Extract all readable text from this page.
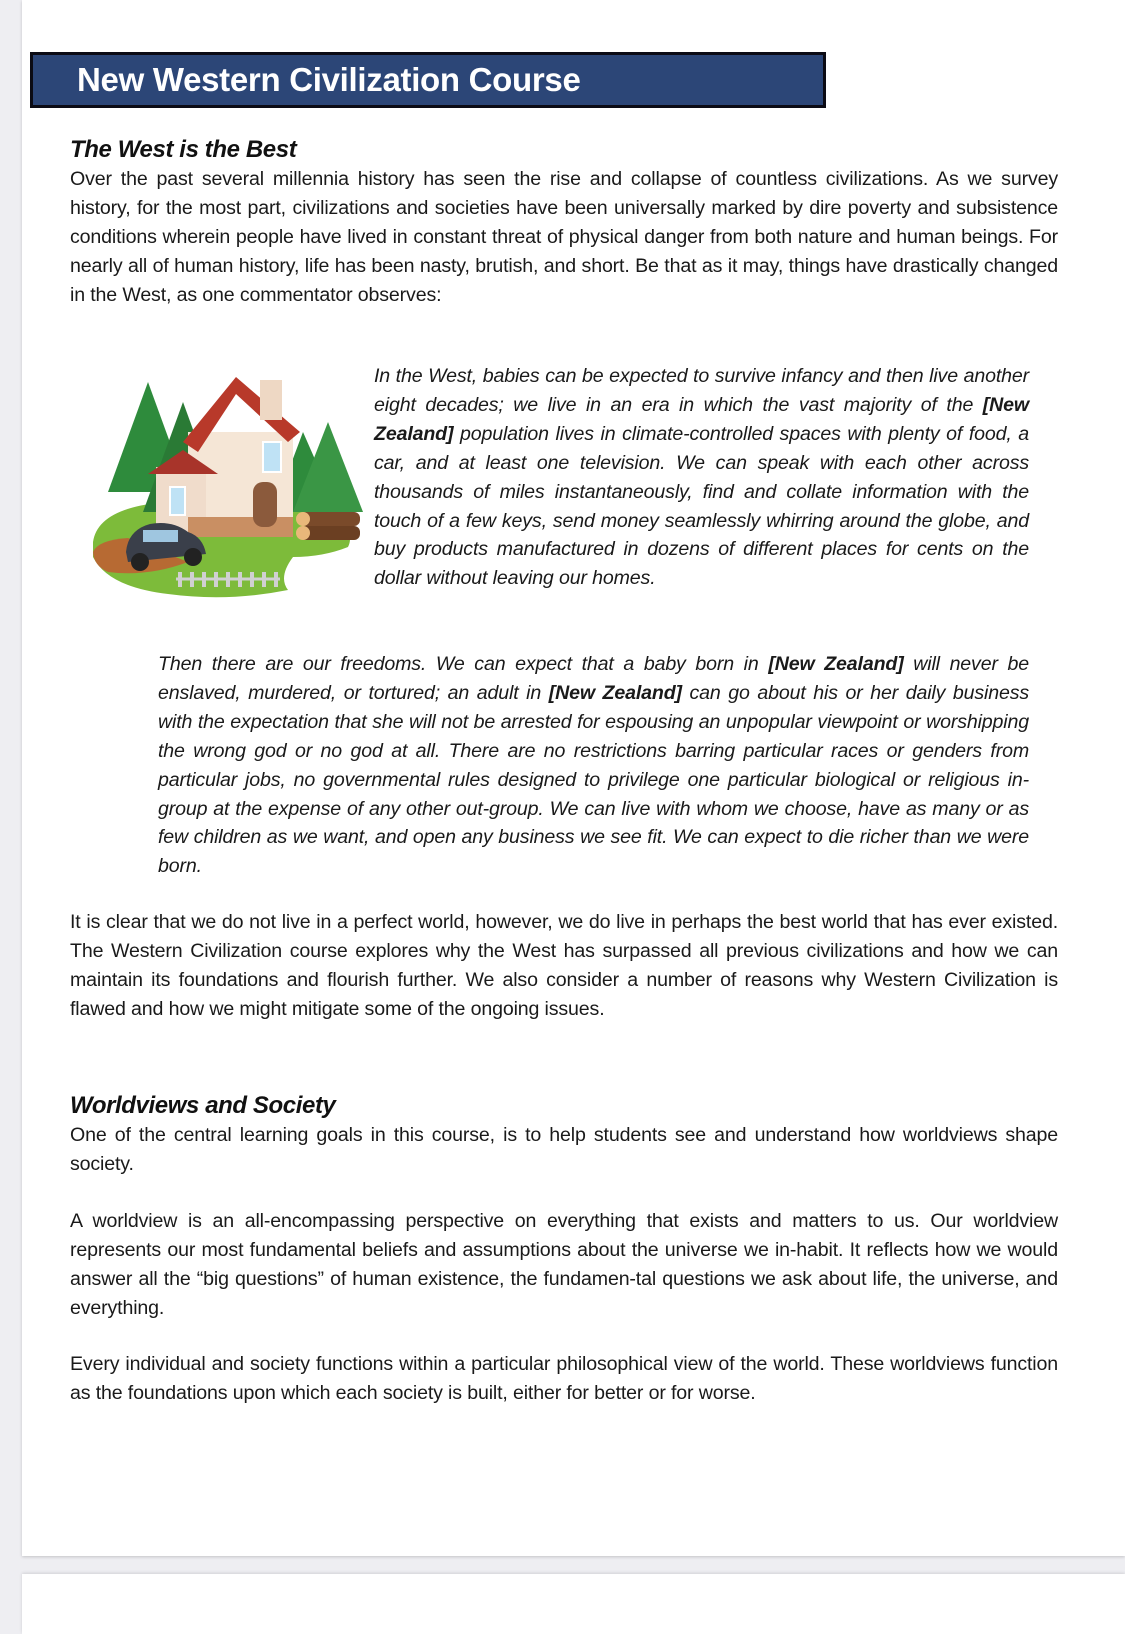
New Western Civilization Course
The West is the Best

Over the past several millennia history has seen the rise and collapse of countless civilizations. As we survey history, for the most part, civilizations and societies have been universally marked by dire poverty and subsistence conditions wherein people have lived in constant threat of physical danger from both nature and human beings. For nearly all of human history, life has been nasty, brutish, and short. Be that as it may, things have drastically changed in the West, as one commentator observes:

In the West, babies can be expected to survive infancy and then live another eight decades; we live in an era in which the vast majority of the [New Zealand] population lives in climate-controlled spaces with plenty of food, a car, and at least one television. We can speak with each other across thousands of miles instantaneously, find and collate information with the touch of a few keys, send money seamlessly whirring around the globe, and buy products manufactured in dozens of different places for cents on the dollar without leaving our homes.

Then there are our freedoms. We can expect that a baby born in [New Zealand] will never be enslaved, murdered, or tortured; an adult in [New Zealand] can go about his or her daily business with the expectation that she will not be arrested for espousing an unpopular viewpoint or worshipping the wrong god or no god at all. There are no restrictions barring particular races or genders from particular jobs, no governmental rules designed to privilege one particular biological or religious in-group at the expense of any other out-group. We can live with whom we choose, have as many or as few children as we want, and open any business we see fit. We can expect to die richer than we were born.

It is clear that we do not live in a perfect world, however, we do live in perhaps the best world that has ever existed. The Western Civilization course explores why the West has surpassed all previous civilizations and how we can maintain its foundations and flourish further. We also consider a number of reasons why Western Civilization is flawed and how we might mitigate some of the ongoing issues.

Worldviews and Society

One of the central learning goals in this course, is to help students see and understand how worldviews shape society.

A worldview is an all-encompassing perspective on everything that exists and matters to us. Our worldview represents our most fundamental beliefs and assumptions about the universe we in-habit. It reflects how we would answer all the “big questions” of human existence, the fundamen-tal questions we ask about life, the universe, and everything.

Every individual and society functions within a particular philosophical view of the world. These worldviews function as the foundations upon which each society is built, either for better or for worse.
